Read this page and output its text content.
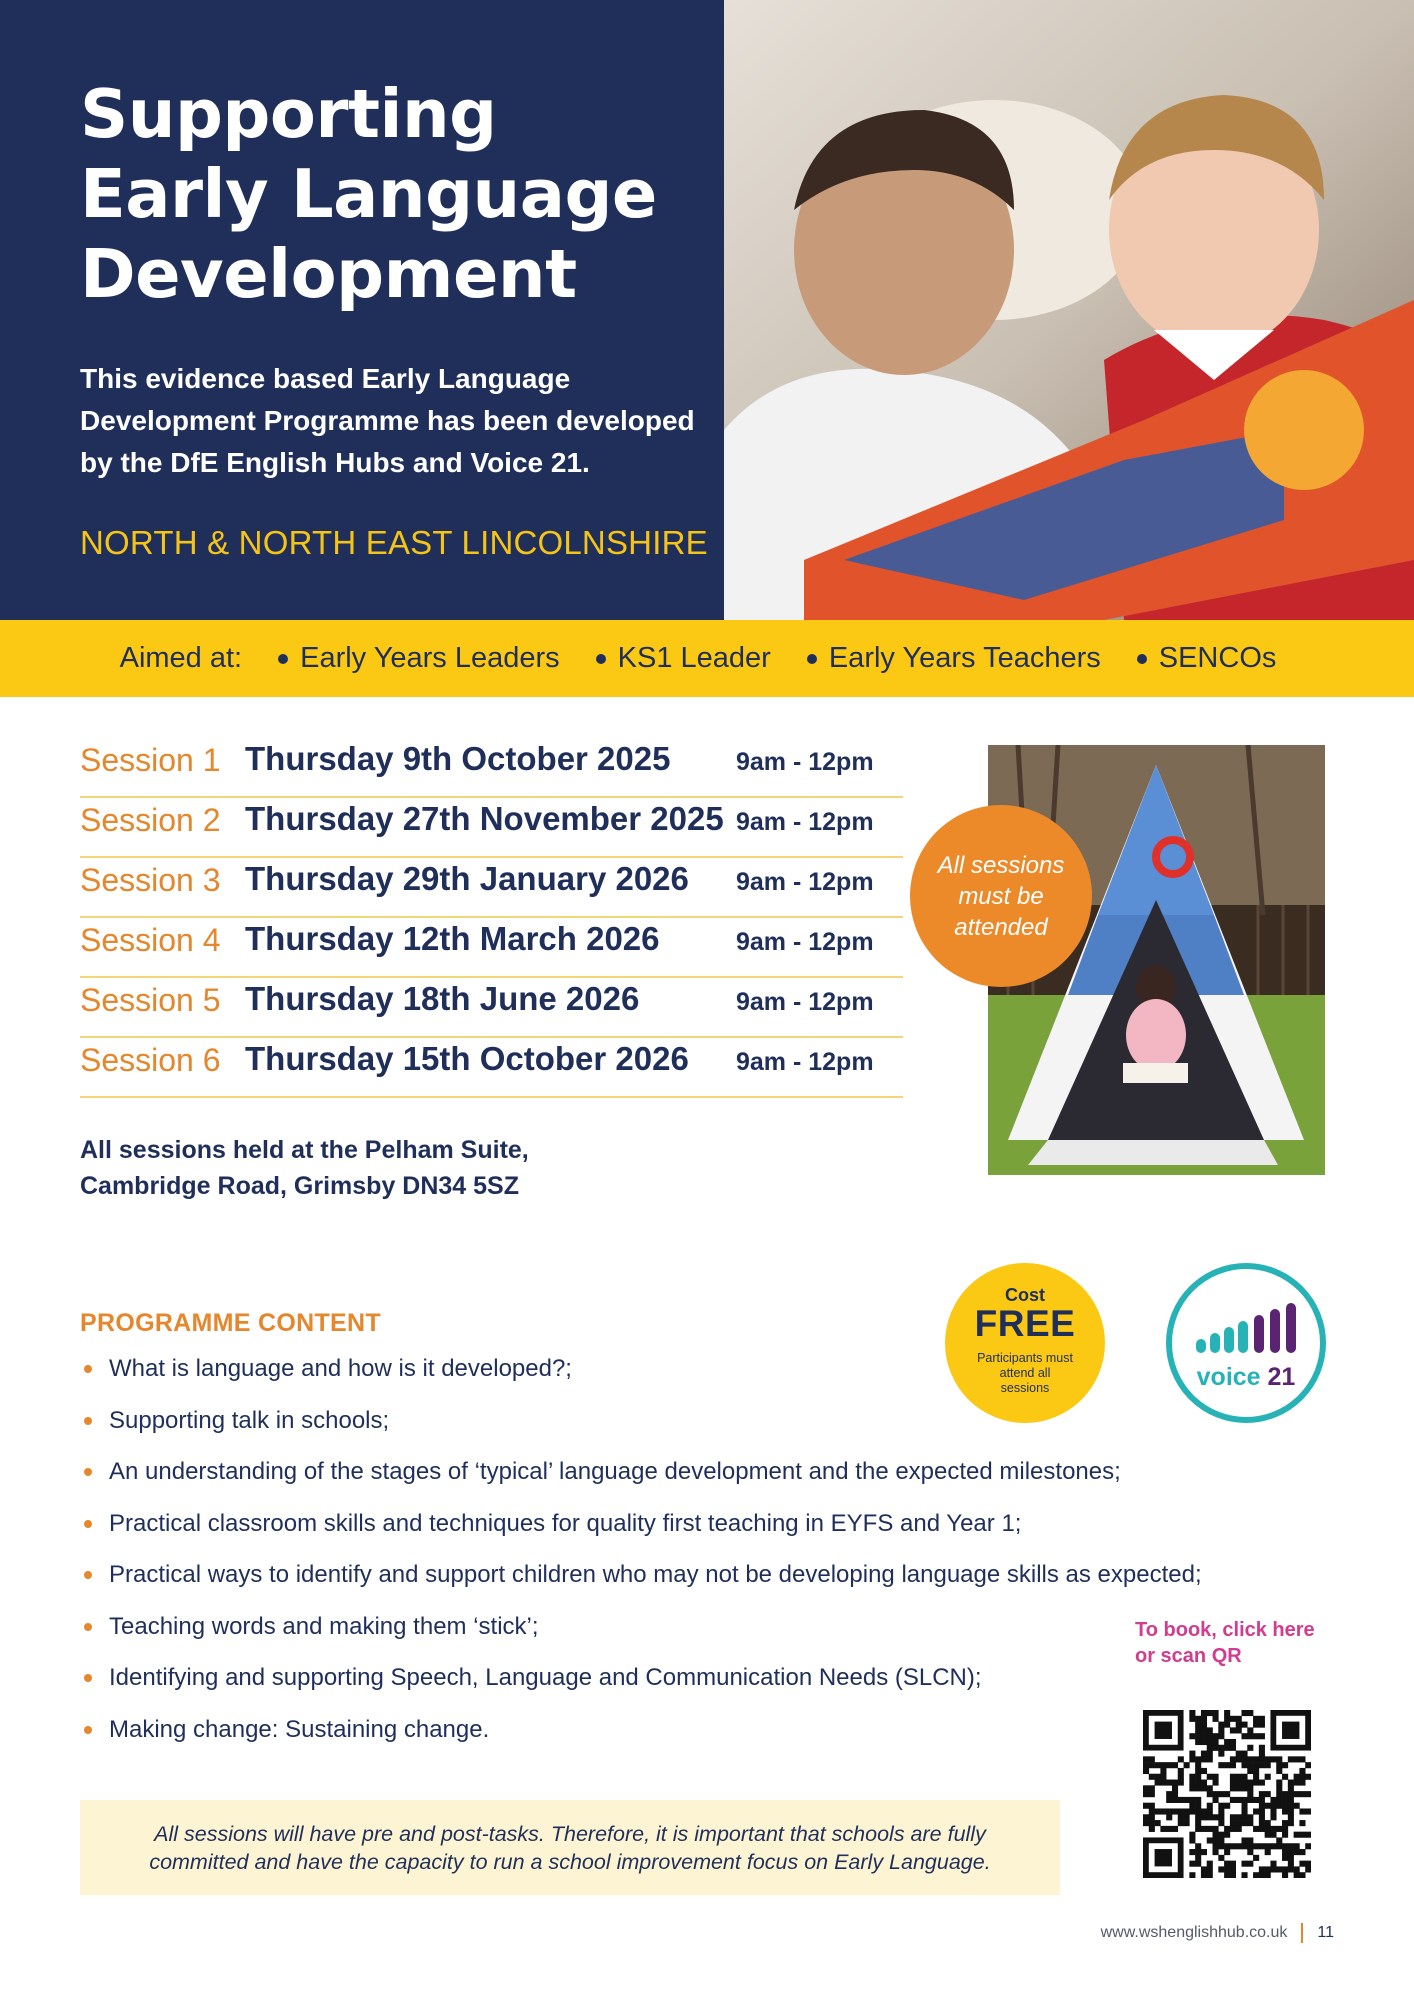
Supporting
Early Language
Development

This evidence based Early Language
Development Programme has been developed
by the DfE English Hubs and Voice 21.

NORTH & NORTH EAST LINCOLNSHIRE
Aimed at: Early Years Leaders KS1 Leader Early Years Teachers SENCOs
Session 1 Thursday 9th October 2025	9am - 12pm
Session 2 Thursday 27th November 2025 9am - 12pm
Session 3 Thursday 29th January 2026 9am - 12pm
Session 4 Thursday 12th March 2026	9am - 12pm
Session 5 Thursday 18th June 2026	9am - 12pm
Session 6 Thursday 15th October 2026 9am - 12pm
All sessions held at the Pelham Suite,
Cambridge Road, Grimsby DN34 5SZ
All sessions
must be
attended
PROGRAMME CONTENT
What is language and how is it developed?;
Supporting talk in schools;
An understanding of the stages of ‘typical’ language development and the expected milestones;
Practical classroom skills and techniques for quality first teaching in EYFS and Year 1;
Practical ways to identify and support children who may not be developing language skills as expected;
Teaching words and making them ‘stick’;
Identifying and supporting Speech, Language and Communication Needs (SLCN);
Making change: Sustaining change.
Cost
FREE
Participants must attend all sessions	voice 21
To book, click here
or scan QR
All sessions will have pre and post-tasks. Therefore, it is important that schools are fully
committed and have the capacity to run a school improvement focus on Early Language.
www.wshenglishhub.co.uk 11
